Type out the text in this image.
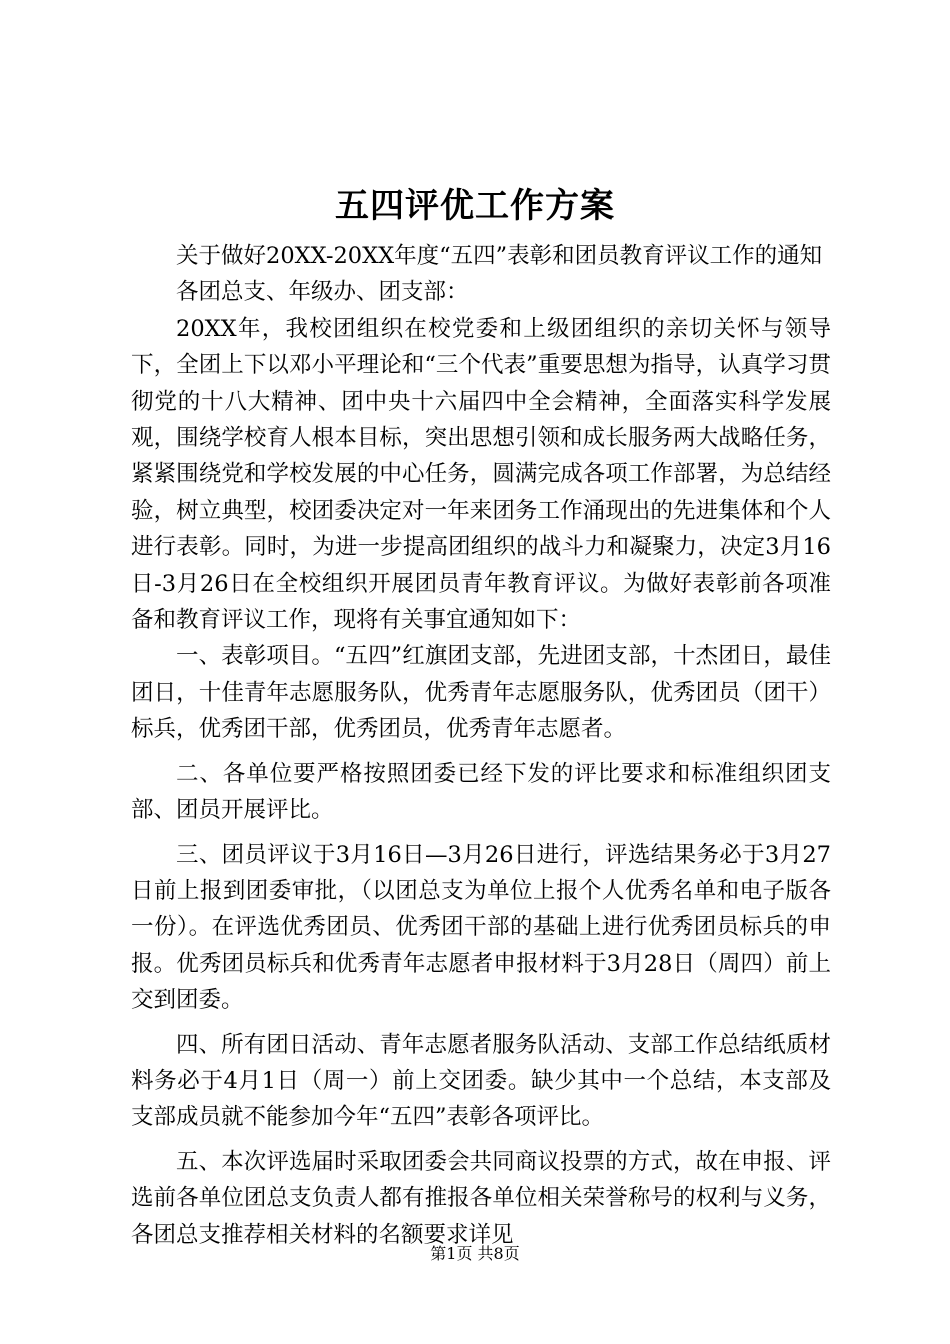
五四评优工作方案

关于做好20XX-20XX年度“五四”表彰和团员教育评议工作的通知

各团总支、年级办、团支部：

20XX年，我校团组织在校党委和上级团组织的亲切关怀与领导下，全团上下以邓小平理论和“三个代表”重要思想为指导，认真学习贯彻党的十八大精神、团中央十六届四中全会精神，全面落实科学发展观，围绕学校育人根本目标，突出思想引领和成长服务两大战略任务，紧紧围绕党和学校发展的中心任务，圆满完成各项工作部署，为总结经验，树立典型，校团委决定对一年来团务工作涌现出的先进集体和个人进行表彰。同时，为进一步提高团组织的战斗力和凝聚力，决定3月16日-3月26日在全校组织开展团员青年教育评议。为做好表彰前各项准备和教育评议工作，现将有关事宜通知如下：

一、表彰项目。“五四”红旗团支部，先进团支部，十杰团日，最佳团日，十佳青年志愿服务队，优秀青年志愿服务队，优秀团员（团干）标兵，优秀团干部，优秀团员，优秀青年志愿者。

二、各单位要严格按照团委已经下发的评比要求和标准组织团支部、团员开展评比。

三、团员评议于3月16日—3月26日进行，评选结果务必于3月27日前上报到团委审批，（以团总支为单位上报个人优秀名单和电子版各一份）。在评选优秀团员、优秀团干部的基础上进行优秀团员标兵的申报。优秀团员标兵和优秀青年志愿者申报材料于3月28日（周四）前上交到团委。

四、所有团日活动、青年志愿者服务队活动、支部工作总结纸质材料务必于4月1日（周一）前上交团委。缺少其中一个总结，本支部及支部成员就不能参加今年“五四”表彰各项评比。

五、本次评选届时采取团委会共同商议投票的方式，故在申报、评选前各单位团总支负责人都有推报各单位相关荣誉称号的权利与义务，各团总支推荐相关材料的名额要求详见

第1页 共8页
